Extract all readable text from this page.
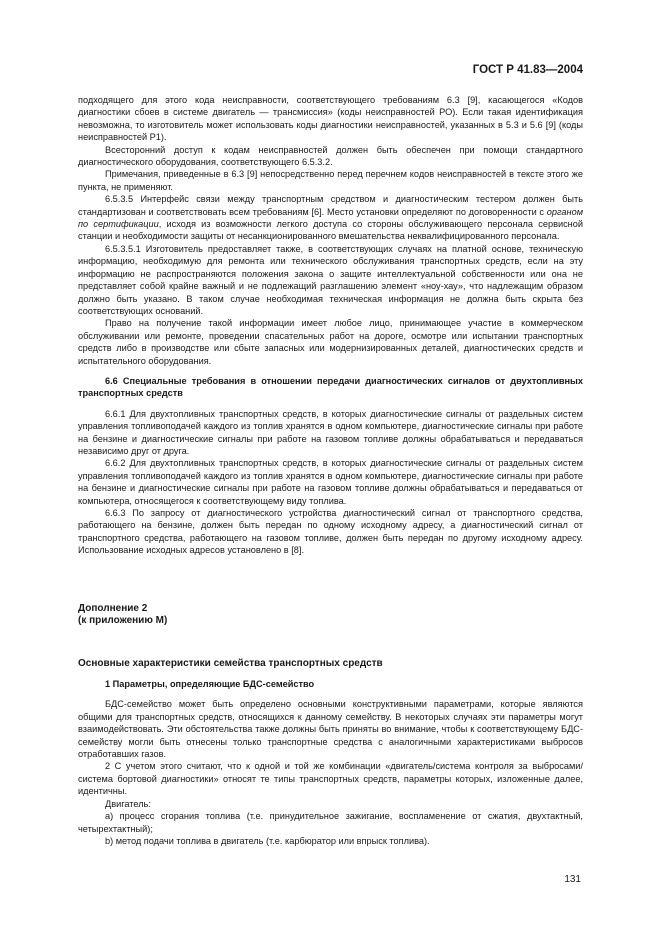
ГОСТ Р 41.83—2004

подходящего для этого кода неисправности, соответствующего требованиям 6.3 [9], касающегося «Кодов диагностики сбоев в системе двигатель — трансмиссия» (коды неисправностей РО). Если такая идентификация невозможна, то изготовитель может использовать коды диагностики неисправностей, указанных в 5.3 и 5.6 [9] (коды неисправностей Р1).

Всесторонний доступ к кодам неисправностей должен быть обеспечен при помощи стандартного диагностического оборудования, соответствующего 6.5.3.2.

Примечания, приведенные в 6.3 [9] непосредственно перед перечнем кодов неисправностей в тексте этого же пункта, не применяют.

6.5.3.5 Интерфейс связи между транспортным средством и диагностическим тестером должен быть стандартизован и соответствовать всем требованиям [6]. Место установки определяют по договоренности с органом по сертификации, исходя из возможности легкого доступа со стороны обслуживающего персонала сервисной станции и необходимости защиты от несанкционированного вмешательства неквалифицированного персонала.

6.5.3.5.1 Изготовитель предоставляет также, в соответствующих случаях на платной основе, техническую информацию, необходимую для ремонта или технического обслуживания транспортных средств, если на эту информацию не распространяются положения закона о защите интеллектуальной собственности или она не представляет собой крайне важный и не подлежащий разглашению элемент «ноу-хау», что надлежащим образом должно быть указано. В таком случае необходимая техническая информация не должна быть скрыта без соответствующих оснований.

Право на получение такой информации имеет любое лицо, принимающее участие в коммерческом обслуживании или ремонте, проведении спасательных работ на дороге, осмотре или испытании транспортных средств либо в производстве или сбыте запасных или модернизированных деталей, диагностических средств и испытательного оборудования.

6.6 Специальные требования в отношении передачи диагностических сигналов от двухтопливных транспортных средств

6.6.1 Для двухтопливных транспортных средств, в которых диагностические сигналы от раздельных систем управления топливоподачей каждого из топлив хранятся в одном компьютере, диагностические сигналы при работе на бензине и диагностические сигналы при работе на газовом топливе должны обрабатываться и передаваться независимо друг от друга.

6.6.2 Для двухтопливных транспортных средств, в которых диагностические сигналы от раздельных систем управления топливоподачей каждого из топлив хранятся в одном компьютере, диагностические сигналы при работе на бензине и диагностические сигналы при работе на газовом топливе должны обрабатываться и передаваться от компьютера, относящегося к соответствующему виду топлива.

6.6.3 По запросу от диагностического устройства диагностический сигнал от транспортного средства, работающего на бензине, должен быть передан по одному исходному адресу, а диагностический сигнал от транспортного средства, работающего на газовом топливе, должен быть передан по другому исходному адресу. Использование исходных адресов установлено в [8].

Дополнение 2

(к приложению М)

Основные характеристики семейства транспортных средств

1 Параметры, определяющие БДС-семейство

БДС-семейство может быть определено основными конструктивными параметрами, которые являются общими для транспортных средств, относящихся к данному семейству. В некоторых случаях эти параметры могут взаимодействовать. Эти обстоятельства также должны быть приняты во внимание, чтобы к соответствующему БДС-семейству могли быть отнесены только транспортные средства с аналогичными характеристиками выбросов отработавших газов.

2 С учетом этого считают, что к одной и той же комбинации «двигатель/система контроля за выбросами/система бортовой диагностики» относят те типы транспортных средств, параметры которых, изложенные далее, идентичны.

Двигатель:

а) процесс сгорания топлива (т.е. принудительное зажигание, воспламенение от сжатия, двухтактный, четырехтактный);

b) метод подачи топлива в двигатель (т.е. карбюратор или впрыск топлива).

131
